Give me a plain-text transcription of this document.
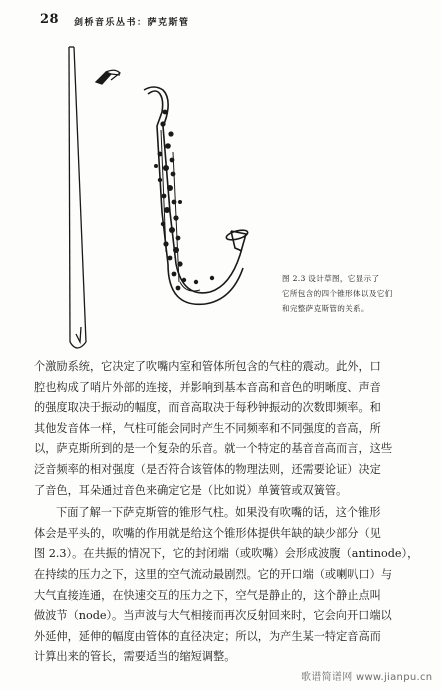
28 剑桥音乐丛书：萨克斯管
图 2.3 设计草图，它显示了
它所包含的四个锥形体以及它们
和完整萨克斯管的关系。
个激励系统，它决定了吹嘴内室和管体所包含的气柱的震动。此外，口
腔也构成了哨片外部的连接，并影响到基本音高和音色的明晰度、声音
的强度取决于振动的幅度，而音高取决于每秒钟振动的次数即频率。和
其他发音体一样，气柱可能会同时产生不同频率和不同强度的音高，所
以，萨克斯所到的是一个复杂的乐音。就一个特定的基音音高而言，这些
泛音频率的相对强度（是否符合该管体的物理法则，还需要论证）决定
了音色，耳朵通过音色来确定它是（比如说）单簧管或双簧管。
下面了解一下萨克斯管的锥形气柱。如果没有吹嘴的话，这个锥形
体会是平头的，吹嘴的作用就是给这个锥形体提供年缺的缺少部分（见
图 2.3）。在共振的情况下，它的封闭端（或吹嘴）会形成波腹（antinode），
在持续的压力之下，这里的空气流动最剧烈。它的开口端（或喇叭口）与
大气直接连通，在快速交互的压力之下，空气是静止的，这个静止点叫
做波节（node）。当声波与大气相接而再次反射回来时，它会向开口端以
外延伸，延伸的幅度由管体的直径决定；所以，为产生某一特定音高而
计算出来的管长，需要适当的缩短调整。
歌谱简谱网 www.jianpu.cn
